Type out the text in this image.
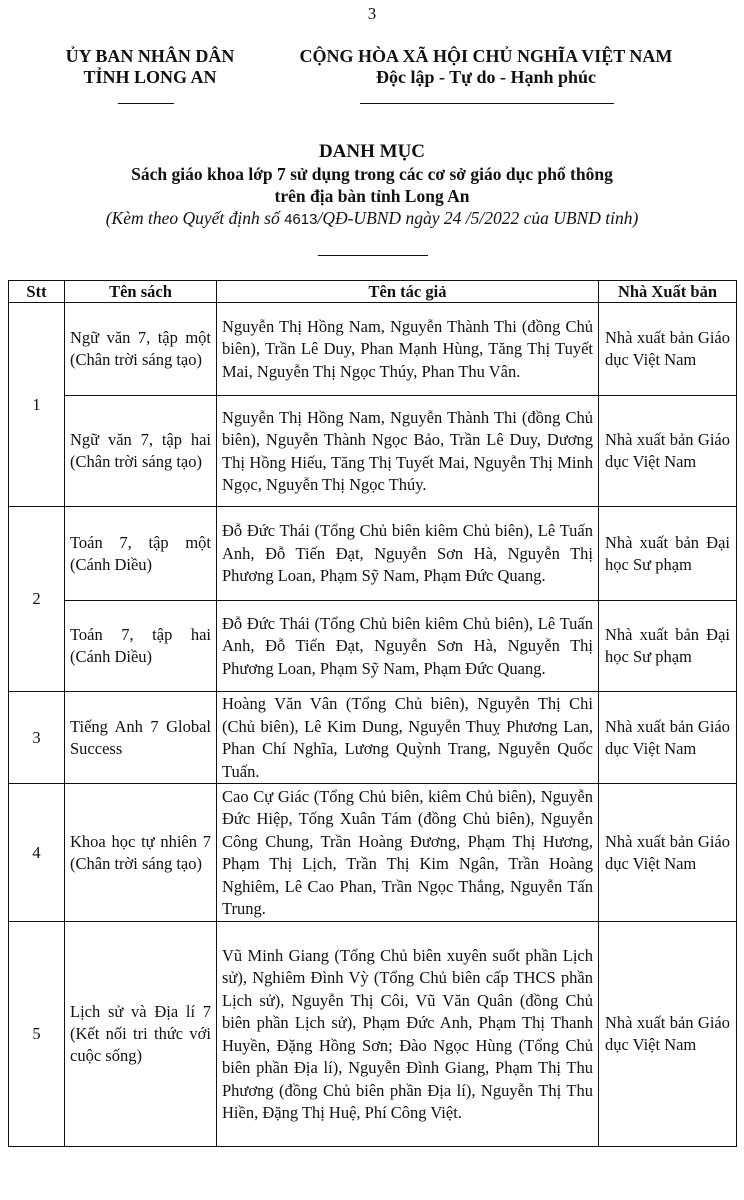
3
ỦY BAN NHÂN DÂN
TỈNH LONG AN
CỘNG HÒA XÃ HỘI CHỦ NGHĨA VIỆT NAM
Độc lập - Tự do - Hạnh phúc
DANH MỤC
Sách giáo khoa lớp 7 sử dụng trong các cơ sở giáo dục phổ thông
trên địa bàn tỉnh Long An
(Kèm theo Quyết định số 4613/QĐ-UBND ngày 24 /5/2022 của UBND tỉnh)
Stt	Tên sách	Tên tác giả	Nhà Xuất bản
1	Ngữ văn 7, tập một (Chân trời sáng tạo)	Nguyễn Thị Hồng Nam, Nguyễn Thành Thi (đồng Chủ biên), Trần Lê Duy, Phan Mạnh Hùng, Tăng Thị Tuyết Mai, Nguyễn Thị Ngọc Thúy, Phan Thu Vân.	Nhà xuất bản Giáo dục Việt Nam
	Ngữ văn 7, tập hai (Chân trời sáng tạo)	Nguyễn Thị Hồng Nam, Nguyễn Thành Thi (đồng Chủ biên), Nguyễn Thành Ngọc Bảo, Trần Lê Duy, Dương Thị Hồng Hiếu, Tăng Thị Tuyết Mai, Nguyễn Thị Minh Ngọc, Nguyễn Thị Ngọc Thúy.	Nhà xuất bản Giáo dục Việt Nam
2	Toán 7, tập một (Cánh Diều)	Đỗ Đức Thái (Tổng Chủ biên kiêm Chủ biên), Lê Tuấn Anh, Đỗ Tiến Đạt, Nguyễn Sơn Hà, Nguyễn Thị Phương Loan, Phạm Sỹ Nam, Phạm Đức Quang.	Nhà xuất bản Đại học Sư phạm
	Toán 7, tập hai (Cánh Diều)	Đỗ Đức Thái (Tổng Chủ biên kiêm Chủ biên), Lê Tuấn Anh, Đỗ Tiến Đạt, Nguyễn Sơn Hà, Nguyễn Thị Phương Loan, Phạm Sỹ Nam, Phạm Đức Quang.	Nhà xuất bản Đại học Sư phạm
3	Tiếng Anh 7 Global Success	Hoàng Văn Vân (Tổng Chủ biên), Nguyễn Thị Chi (Chủ biên), Lê Kim Dung, Nguyễn Thuỵ Phương Lan, Phan Chí Nghĩa, Lương Quỳnh Trang, Nguyễn Quốc Tuấn.	Nhà xuất bản Giáo dục Việt Nam
4	Khoa học tự nhiên 7 (Chân trời sáng tạo)	Cao Cự Giác (Tổng Chủ biên, kiêm Chủ biên), Nguyễn Đức Hiệp, Tống Xuân Tám (đồng Chủ biên), Nguyễn Công Chung, Trần Hoàng Đương, Phạm Thị Hương, Phạm Thị Lịch, Trần Thị Kim Ngân, Trần Hoàng Nghiêm, Lê Cao Phan, Trần Ngọc Thắng, Nguyễn Tấn Trung.	Nhà xuất bản Giáo dục Việt Nam
5	Lịch sử và Địa lí 7 (Kết nối tri thức với cuộc sống)	Vũ Minh Giang (Tổng Chủ biên xuyên suốt phần Lịch sử), Nghiêm Đình Vỳ (Tổng Chủ biên cấp THCS phần Lịch sử), Nguyễn Thị Côi, Vũ Văn Quân (đồng Chủ biên phần Lịch sử), Phạm Đức Anh, Phạm Thị Thanh Huyền, Đặng Hồng Sơn; Đào Ngọc Hùng (Tổng Chủ biên phần Địa lí), Nguyễn Đình Giang, Phạm Thị Thu Phương (đồng Chủ biên phần Địa lí), Nguyễn Thị Thu Hiền, Đặng Thị Huệ, Phí Công Việt.	Nhà xuất bản Giáo dục Việt Nam
